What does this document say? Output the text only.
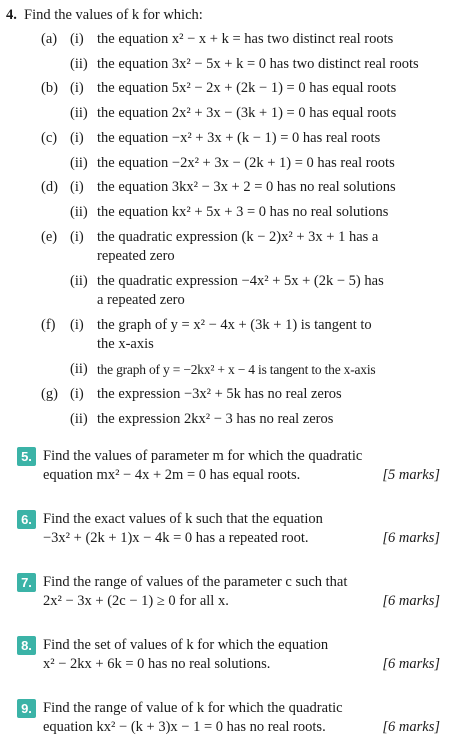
4. Find the values of k for which:
(a) (i) the equation x² − x + k = has two distinct real roots
(ii) the equation 3x² − 5x + k = 0 has two distinct real roots
(b) (i) the equation 5x² − 2x + (2k − 1) = 0 has equal roots
(ii) the equation 2x² + 3x − (3k + 1) = 0 has equal roots
(c) (i) the equation −x² + 3x + (k − 1) = 0 has real roots
(ii) the equation −2x² + 3x − (2k + 1) = 0 has real roots
(d) (i) the equation 3kx² − 3x + 2 = 0 has no real solutions
(ii) the equation kx² + 5x + 3 = 0 has no real solutions
(e) (i) the quadratic expression (k − 2)x² + 3x + 1 has a
repeated zero
(ii) the quadratic expression −4x² + 5x + (2k − 5) has
a repeated zero
(f) (i) the graph of y = x² − 4x + (3k + 1) is tangent to
the x-axis
(ii) the graph of y = −2kx² + x − 4 is tangent to the x-axis
(g) (i) the expression −3x² + 5k has no real zeros
(ii) the expression 2kx² − 3 has no real zeros
5. Find the values of parameter m for which the quadratic
equation mx² − 4x + 2m = 0 has equal roots.	[5 marks]
6. Find the exact values of k such that the equation
−3x² + (2k + 1)x − 4k = 0 has a repeated root.	[6 marks]
7. Find the range of values of the parameter c such that
2x² − 3x + (2c − 1) ≥ 0 for all x.	[6 marks]
8. Find the set of values of k for which the equation
x² − 2kx + 6k = 0 has no real solutions.	[6 marks]
9. Find the range of value of k for which the quadratic
equation kx² − (k + 3)x − 1 = 0 has no real roots.	[6 marks]
